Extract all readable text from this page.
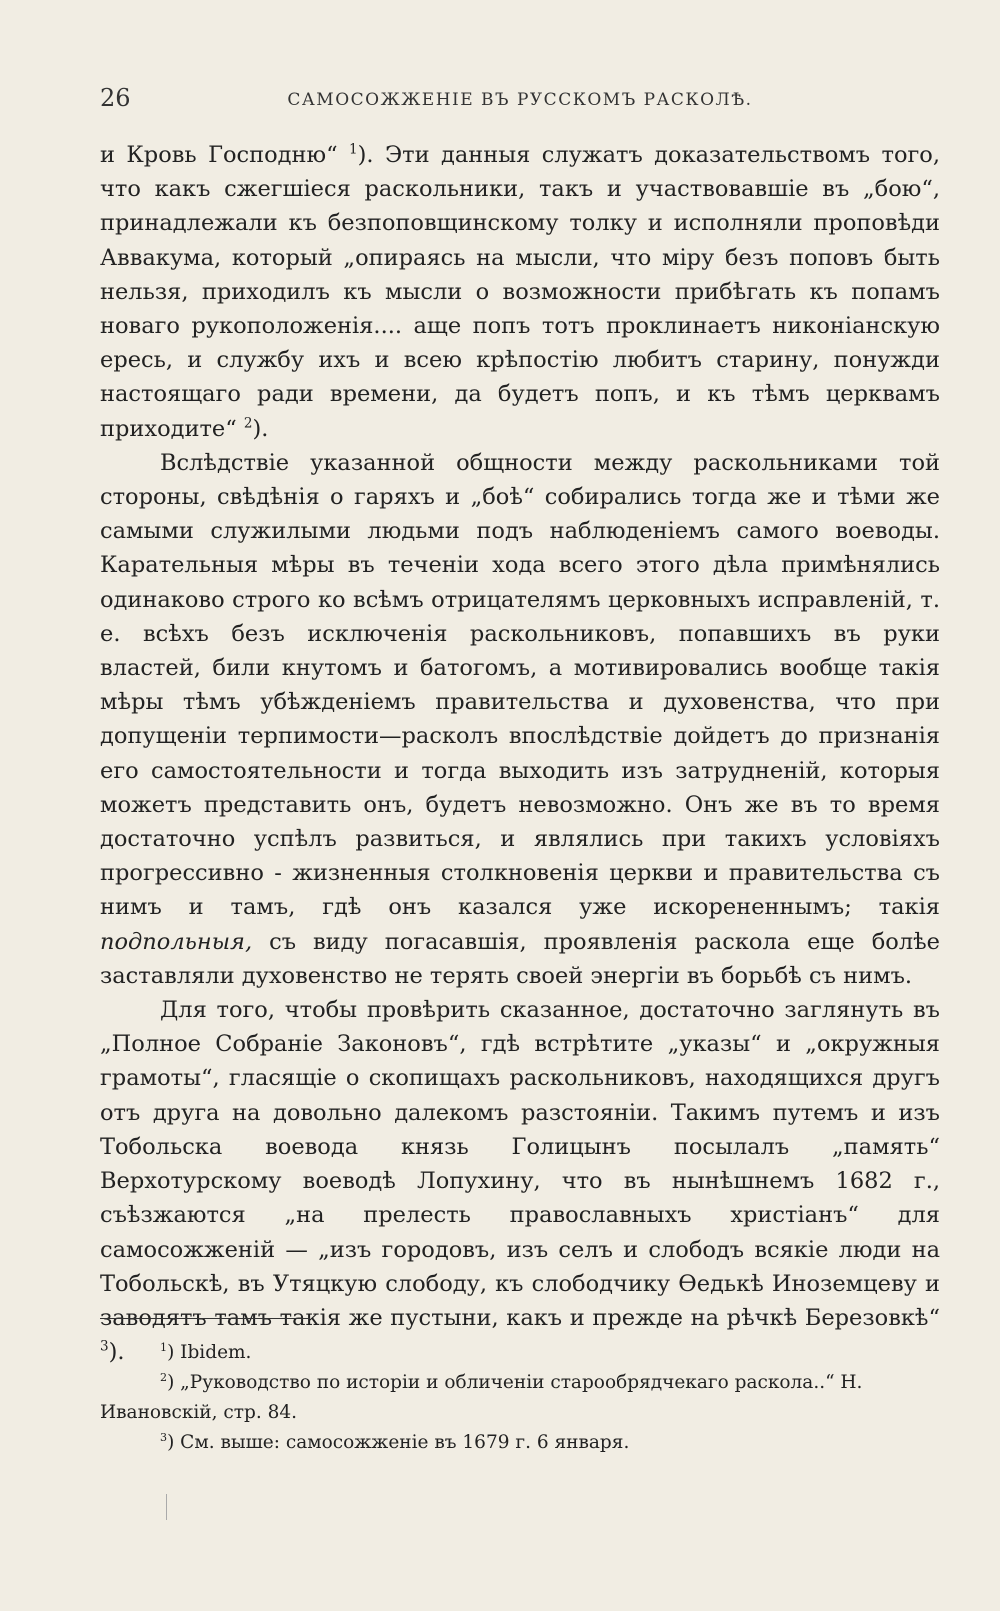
26	САМОСОЖЖЕНІЕ ВЪ РУССКОМЪ РАСКОЛѢ.

и Кровь Господню“ $^1$). Эти данныя служатъ доказательствомъ того, что какъ сжегшіеся раскольники, такъ и участвовавшіе въ „бою“, принадлежали къ безпоповщинскому толку и исполняли проповѣди Аввакума, который „опираясь на мысли, что міру безъ поповъ быть нельзя, приходилъ къ мысли о возможности прибѣгать къ попамъ новаго рукоположенія.... аще попъ тотъ проклинаетъ никоніанскую ересь, и службу ихъ и всею крѣпостію любитъ старину, понужди настоящаго ради времени, да будетъ попъ, и къ тѣмъ церквамъ приходите“ $^2$).

Вслѣдствіе указанной общности между раскольниками той стороны, свѣдѣнія о гаряхъ и „боѣ“ собирались тогда же и тѣми же самыми служилыми людьми подъ наблюденіемъ самого воеводы. Карательныя мѣры въ теченіи хода всего этого дѣла примѣнялись одинаково строго ко всѣмъ отрицателямъ церковныхъ исправленій, т. е. всѣхъ безъ исключенія раскольниковъ, попавшихъ въ руки властей, били кнутомъ и батогомъ, а мотивировались вообще такія мѣры тѣмъ убѣжденіемъ правительства и духовенства, что при допущеніи терпимости—расколъ впослѣдствіе дойдетъ до признанія его самостоятельности и тогда выходить изъ затрудненій, которыя можетъ представить онъ, будетъ невозможно. Онъ же въ то время достаточно успѣлъ развиться, и являлись при такихъ условіяхъ прогрессивно - жизненныя столкновенія церкви и правительства съ нимъ и тамъ, гдѣ онъ казался уже искорененнымъ; такія подпольныя, съ виду погасавшія, проявленія раскола еще болѣе заставляли духовенство не терять своей энергіи въ борьбѣ съ нимъ.

Для того, чтобы провѣрить сказанное, достаточно заглянуть въ „Полное Собраніе Законовъ“, гдѣ встрѣтите „указы“ и „окружныя грамоты“, гласящіе о скопищахъ раскольниковъ, находящихся другъ отъ друга на довольно далекомъ разстояніи. Такимъ путемъ и изъ Тобольска воевода князь Голицынъ посылалъ „память“ Верхотурскому воеводѣ Лопухину, что въ нынѣшнемъ 1682 г., съѣзжаются „на прелесть православныхъ христіанъ“ для самосожженій — „изъ городовъ, изъ селъ и слободъ всякіе люди на Тобольскѣ, въ Утяцкую слободу, къ слободчику Ѳедькѣ Иноземцеву и заводятъ тамъ такія же пустыни, какъ и прежде на рѣчкѣ Березовкѣ“ $^3$).	$^1$) Ibidem.

$^2$) „Руководство по исторіи и обличеніи старообрядчекаго раскола..“ Н. Ивановскій, стр. 84.

$^3$) См. выше: самосожженіе въ 1679 г. 6 января.
